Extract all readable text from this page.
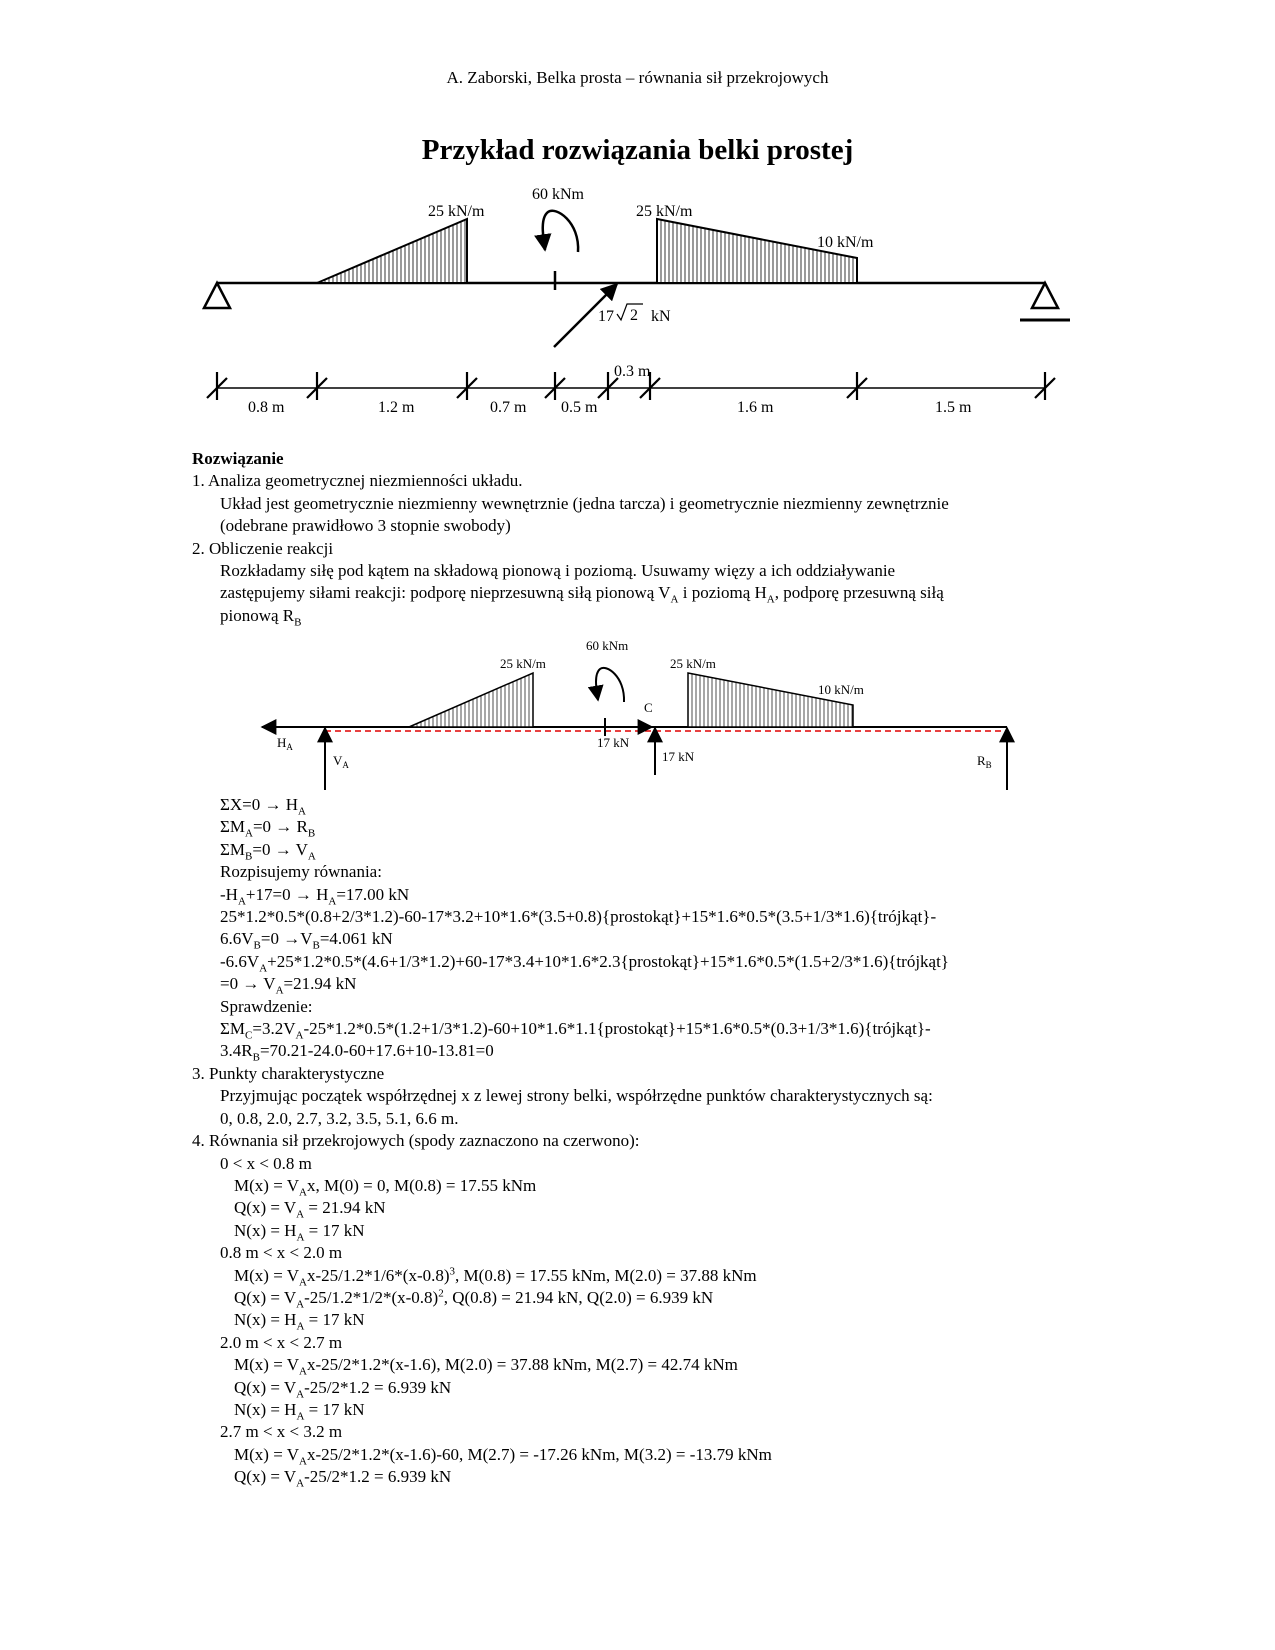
A. Zaborski, Belka prosta – równania sił przekrojowych
Przykład rozwiązania belki prostej
25 kN/m
60 kNm
25 kN/m
10 kN/m
17 2 kN
0.8 m	1.2 m	0.7 m 0.5 m
0.3 m
1.6 m	1.5 m
Rozwiązanie
1. Analiza geometrycznej niezmienności układu.
Układ jest geometrycznie niezmienny wewnętrznie (jedna tarcza) i geometrycznie niezmienny zewnętrznie
(odebrane prawidłowo 3 stopnie swobody)
2. Obliczenie reakcji
Rozkładamy siłę pod kątem na składową pionową i poziomą. Usuwamy więzy a ich oddziaływanie
zastępujemy siłami reakcji: podporę nieprzesuwną siłą pionową $V_A$ i poziomą $H_A$, podporę przesuwną siłą
pionową $R_B$
$H_A$
$V_A$	$R_B$
25 kN/m
60 kNm
25 kN/m
10 kN/m
C
17 kN
17 kN
$\Sigma X=0 \to H_A$
$\Sigma M_A=0 \to R_B$
$\Sigma M_B=0 \to V_A$
Rozpisujemy równania:
$-H_A+17=0 \to H_A=17.00$ kN
25*1.2*0.5*(0.8+2/3*1.2)-60-17*3.2+10*1.6*(3.5+0.8){prostokąt}+15*1.6*0.5*(3.5+1/3*1.6){trójkąt}-
$6.6V_B=0 \to V_B=4.061$ kN
$-6.6V_A+25*1.2*0.5*(4.6+1/3*1.2)+60-17*3.4+10*1.6*2.3\{prostokąt\}+15*1.6*0.5*(1.5+2/3*1.6)\{trójkąt\}$
$=0 \to V_A=21.94$ kN
Sprawdzenie:
$\Sigma M_C=3.2V_A-25*1.2*0.5*(1.2+1/3*1.2)-60+10*1.6*1.1\{prostokąt\}+15*1.6*0.5*(0.3+1/3*1.6)\{trójkąt\}-$
$3.4R_B=70.21-24.0-60+17.6+10-13.81=0$
3. Punkty charakterystyczne
Przyjmując początek współrzędnej x z lewej strony belki, współrzędne punktów charakterystycznych są:
0, 0.8, 2.0, 2.7, 3.2, 3.5, 5.1, 6.6 m.
4. Równania sił przekrojowych (spody zaznaczono na czerwono):
0 < x < 0.8 m
$M(x) = V_Ax$, M(0) = 0, M(0.8) = 17.55 kNm
$Q(x) = V_A = 21.94$ kN
$N(x) = H_A = 17$ kN
0.8 m < x < 2.0 m
$M(x) = V_Ax-25/1.2*1/6*(x-0.8)^3$, M(0.8) = 17.55 kNm, M(2.0) = 37.88 kNm
$Q(x) = V_A-25/1.2*1/2*(x-0.8)^2$, Q(0.8) = 21.94 kN, Q(2.0) = 6.939 kN
$N(x) = H_A = 17$ kN
2.0 m < x < 2.7 m
$M(x) = V_Ax-25/2*1.2*(x-1.6)$, M(2.0) = 37.88 kNm, M(2.7) = 42.74 kNm
$Q(x) = V_A-25/2*1.2 = 6.939$ kN
$N(x) = H_A = 17$ kN
2.7 m < x < 3.2 m
$M(x) = V_Ax-25/2*1.2*(x-1.6)-60$, M(2.7) = -17.26 kNm, M(3.2) = -13.79 kNm
$Q(x) = V_A-25/2*1.2 = 6.939$ kN
